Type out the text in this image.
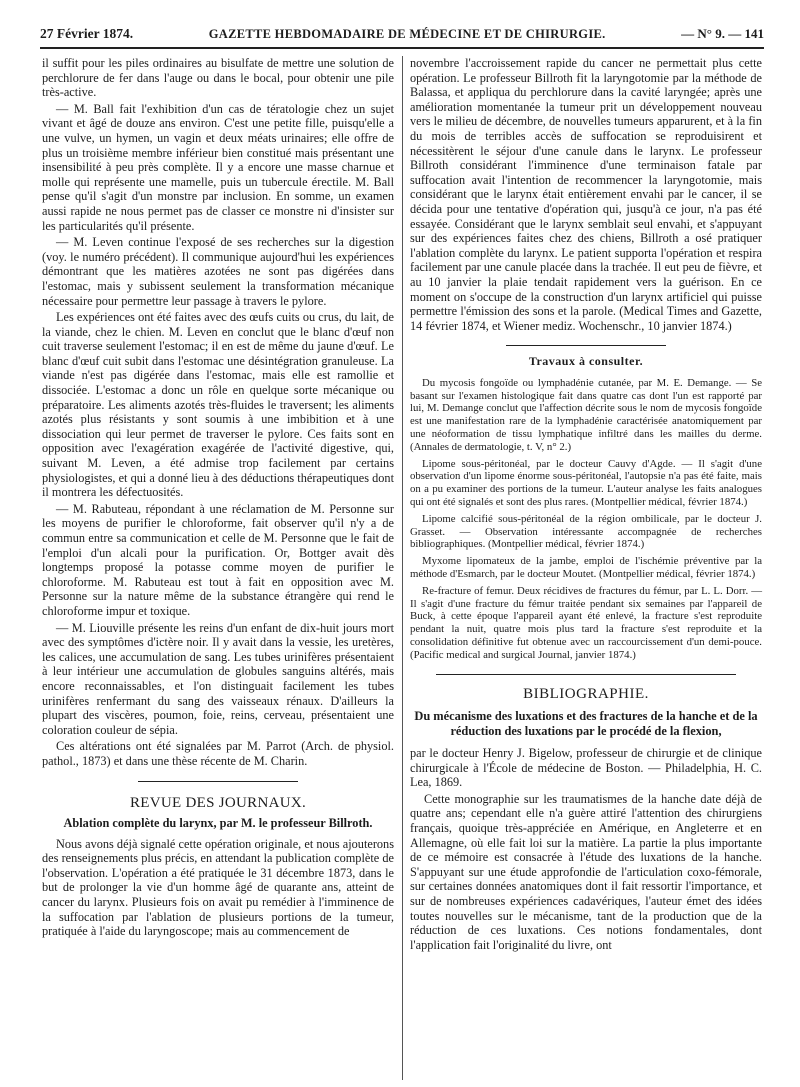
27 Février 1874.	GAZETTE HEBDOMADAIRE DE MÉDECINE ET DE CHIRURGIE.	— N° 9. — 141

il suffit pour les piles ordinaires au bisulfate de mettre une solution de perchlorure de fer dans l'auge ou dans le bocal, pour obtenir une pile très-active.

— M. Ball fait l'exhibition d'un cas de tératologie chez un sujet vivant et âgé de douze ans environ. C'est une petite fille, puisqu'elle a une vulve, un hymen, un vagin et deux méats urinaires; elle offre de plus un troisième membre inférieur bien constitué mais présentant une insensibilité à peu près complète. Il y a encore une masse charnue et molle qui représente une mamelle, puis un tubercule érectile. M. Ball pense qu'il s'agit d'un monstre par inclusion. En somme, un examen aussi rapide ne nous permet pas de classer ce monstre ni d'insister sur les particularités qu'il présente.

— M. Leven continue l'exposé de ses recherches sur la digestion (voy. le numéro précédent). Il communique aujourd'hui les expériences démontrant que les matières azotées ne sont pas digérées dans l'estomac, mais y subissent seulement la transformation mécanique nécessaire pour permettre leur passage à travers le pylore.

Les expériences ont été faites avec des œufs cuits ou crus, du lait, de la viande, chez le chien. M. Leven en conclut que le blanc d'œuf non cuit traverse seulement l'estomac; il en est de même du jaune d'œuf. Le blanc d'œuf cuit subit dans l'estomac une désintégration granuleuse. La viande n'est pas digérée dans l'estomac, mais elle est ramollie et dissociée. L'estomac a donc un rôle en quelque sorte mécanique ou préparatoire. Les aliments azotés très-fluides le traversent; les aliments azotés plus résistants y sont soumis à une imbibition et à une dissociation qui leur permet de traverser le pylore. Ces faits sont en opposition avec l'exagération exagérée de l'activité digestive, qui, suivant M. Leven, a été admise trop facilement par certains physiologistes, et qui a donné lieu à des déductions thérapeutiques dont il montrera les défectuosités.

— M. Rabuteau, répondant à une réclamation de M. Personne sur les moyens de purifier le chloroforme, fait observer qu'il n'y a de commun entre sa communication et celle de M. Personne que le fait de l'emploi d'un alcali pour la purification. Or, Bottger avait dès longtemps proposé la potasse comme moyen de purifier le chloroforme. M. Rabuteau est tout à fait en opposition avec M. Personne sur la nature même de la substance étrangère qui rend le chloroforme impur et toxique.

— M. Liouville présente les reins d'un enfant de dix-huit jours mort avec des symptômes d'ictère noir. Il y avait dans la vessie, les uretères, les calices, une accumulation de sang. Les tubes urinifères présentaient à leur intérieur une accumulation de globules sanguins altérés, mais encore reconnaissables, et l'on distinguait facilement les tubes urinifères renfermant du sang des vaisseaux rénaux. D'ailleurs la plupart des viscères, poumon, foie, reins, cerveau, présentaient une coloration couleur de sépia.

Ces altérations ont été signalées par M. Parrot (Arch. de physiol. pathol., 1873) et dans une thèse récente de M. Charin.

REVUE DES JOURNAUX.
Ablation complète du larynx, par M. le professeur Billroth.

Nous avons déjà signalé cette opération originale, et nous ajouterons des renseignements plus précis, en attendant la publication complète de l'observation. L'opération a été pratiquée le 31 décembre 1873, dans le but de prolonger la vie d'un homme âgé de quarante ans, atteint de cancer du larynx. Plusieurs fois on avait pu remédier à l'imminence de la suffocation par l'ablation de plusieurs portions de la tumeur, pratiquée à l'aide du laryngoscope; mais au commencement de

novembre l'accroissement rapide du cancer ne permettait plus cette opération. Le professeur Billroth fit la laryngotomie par la méthode de Balassa, et appliqua du perchlorure dans la cavité laryngée; après une amélioration momentanée la tumeur prit un développement nouveau vers le milieu de décembre, de nouvelles tumeurs apparurent, et à la fin du mois de terribles accès de suffocation se reproduisirent et nécessitèrent le séjour d'une canule dans le larynx. Le professeur Billroth considérant l'imminence d'une terminaison fatale par suffocation avait l'intention de recommencer la laryngotomie, mais considérant que le larynx était entièrement envahi par le cancer, il se décida pour une tentative d'opération qui, jusqu'à ce jour, n'a pas été essayée. Considérant que le larynx semblait seul envahi, et s'appuyant sur des expériences faites chez des chiens, Billroth a osé pratiquer l'ablation complète du larynx. Le patient supporta l'opération et respira facilement par une canule placée dans la trachée. Il eut peu de fièvre, et au 10 janvier la plaie tendait rapidement vers la guérison. En ce moment on s'occupe de la construction d'un larynx artificiel qui puisse permettre l'émission des sons et la parole. (Medical Times and Gazette, 14 février 1874, et Wiener mediz. Wochenschr., 10 janvier 1874.)

Travaux à consulter.

Du mycosis fongoïde ou lymphadénie cutanée, par M. E. Demange. — Se basant sur l'examen histologique fait dans quatre cas dont l'un est rapporté par lui, M. Demange conclut que l'affection décrite sous le nom de mycosis fongoïde est une manifestation rare de la lymphadénie caractérisée anatomiquement par une néoformation de tissu lymphatique infiltré dans les mailles du derme. (Annales de dermatologie, t. V, n° 2.)

Lipome sous-péritonéal, par le docteur Cauvy d'Agde. — Il s'agit d'une observation d'un lipome énorme sous-péritonéal, l'autopsie n'a pas été faite, mais on a pu examiner des portions de la tumeur. L'auteur analyse les faits analogues qui ont été signalés et sont des plus rares. (Montpellier médical, février 1874.)

Lipome calcifié sous-péritonéal de la région ombilicale, par le docteur J. Grasset. — Observation intéressante accompagnée de recherches bibliographiques. (Montpellier médical, février 1874.)

Myxome lipomateux de la jambe, emploi de l'ischémie préventive par la méthode d'Esmarch, par le docteur Moutet. (Montpellier médical, février 1874.)

Re-fracture of femur. Deux récidives de fractures du fémur, par L. L. Dorr. — Il s'agit d'une fracture du fémur traitée pendant six semaines par l'appareil de Buck, à cette époque l'appareil ayant été enlevé, la fracture s'est reproduite pendant la nuit, quatre mois plus tard la fracture s'est reproduite et la consolidation définitive fut obtenue avec un raccourcissement d'un demi-pouce. (Pacific medical and surgical Journal, janvier 1874.)

BIBLIOGRAPHIE.
Du mécanisme des luxations et des fractures de la hanche et de la réduction des luxations par le procédé de la flexion,

par le docteur Henry J. Bigelow, professeur de chirurgie et de clinique chirurgicale à l'École de médecine de Boston. — Philadelphia, H. C. Lea, 1869.

Cette monographie sur les traumatismes de la hanche date déjà de quatre ans; cependant elle n'a guère attiré l'attention des chirurgiens français, quoique très-appréciée en Amérique, en Angleterre et en Allemagne, où elle fait loi sur la matière. La partie la plus importante de ce mémoire est consacrée à l'étude des luxations de la hanche. S'appuyant sur une étude approfondie de l'articulation coxo-fémorale, sur certaines données anatomiques dont il fait ressortir l'importance, et sur de nombreuses expériences cadavériques, l'auteur émet des idées toutes nouvelles sur le mécanisme, tant de la production que de la réduction de ces luxations. Ces notions fondamentales, dont l'application fait l'originalité du livre, ont
